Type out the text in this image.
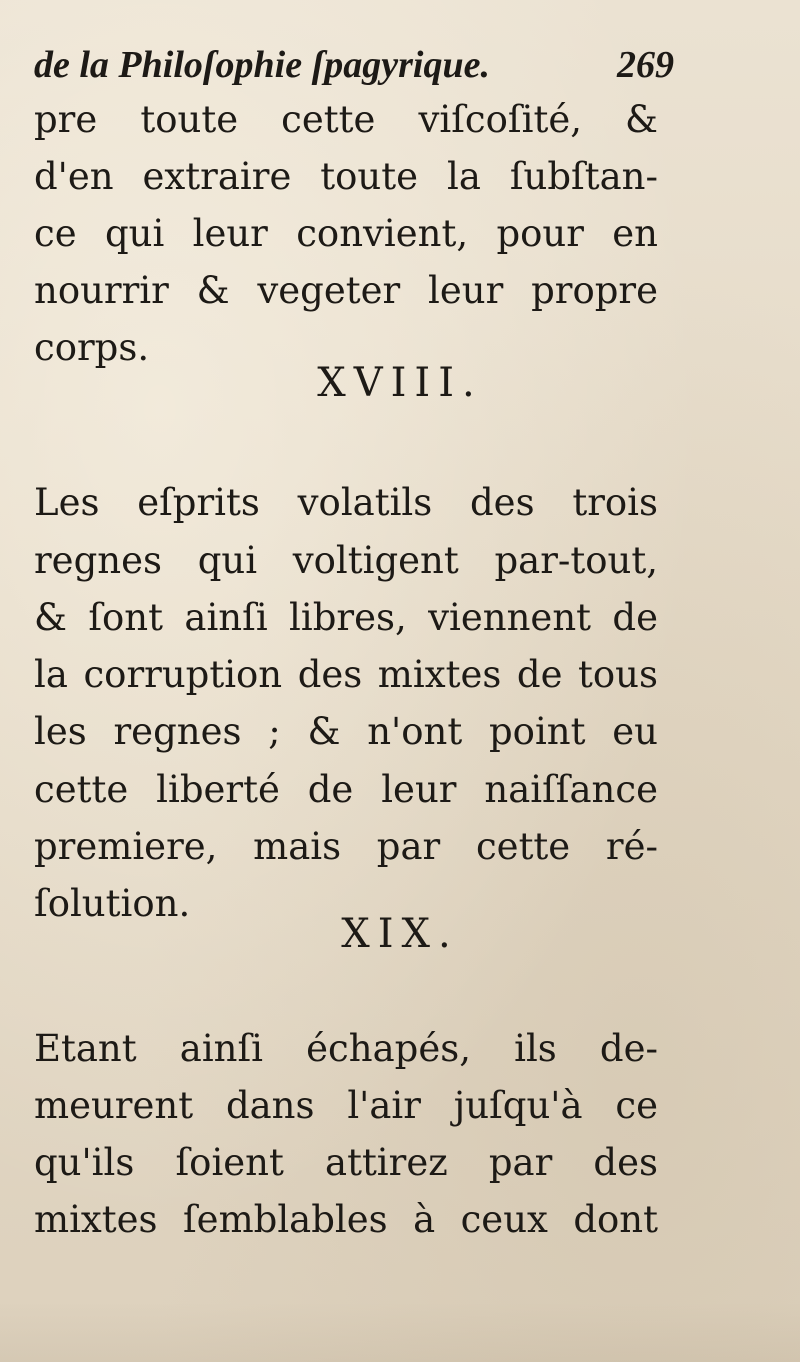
de la Philoſophie ſpagyrique.	269
pre toute cette viſcoſité, &
d'en extraire toute la ſubſtan-
ce qui leur convient, pour en
nourrir & vegeter leur propre
corps.
XVIII.
Les eſprits volatils des trois
regnes qui voltigent par-tout,
& ſont ainſi libres, viennent de
la corruption des mixtes de tous
les regnes ; & n'ont point eu
cette liberté de leur naiſſance
premiere, mais par cette ré-
ſolution.
XIX.
Etant ainſi échapés, ils de-
meurent dans l'air juſqu'à ce
qu'ils ſoient attirez par des
mixtes ſemblables à ceux dont
